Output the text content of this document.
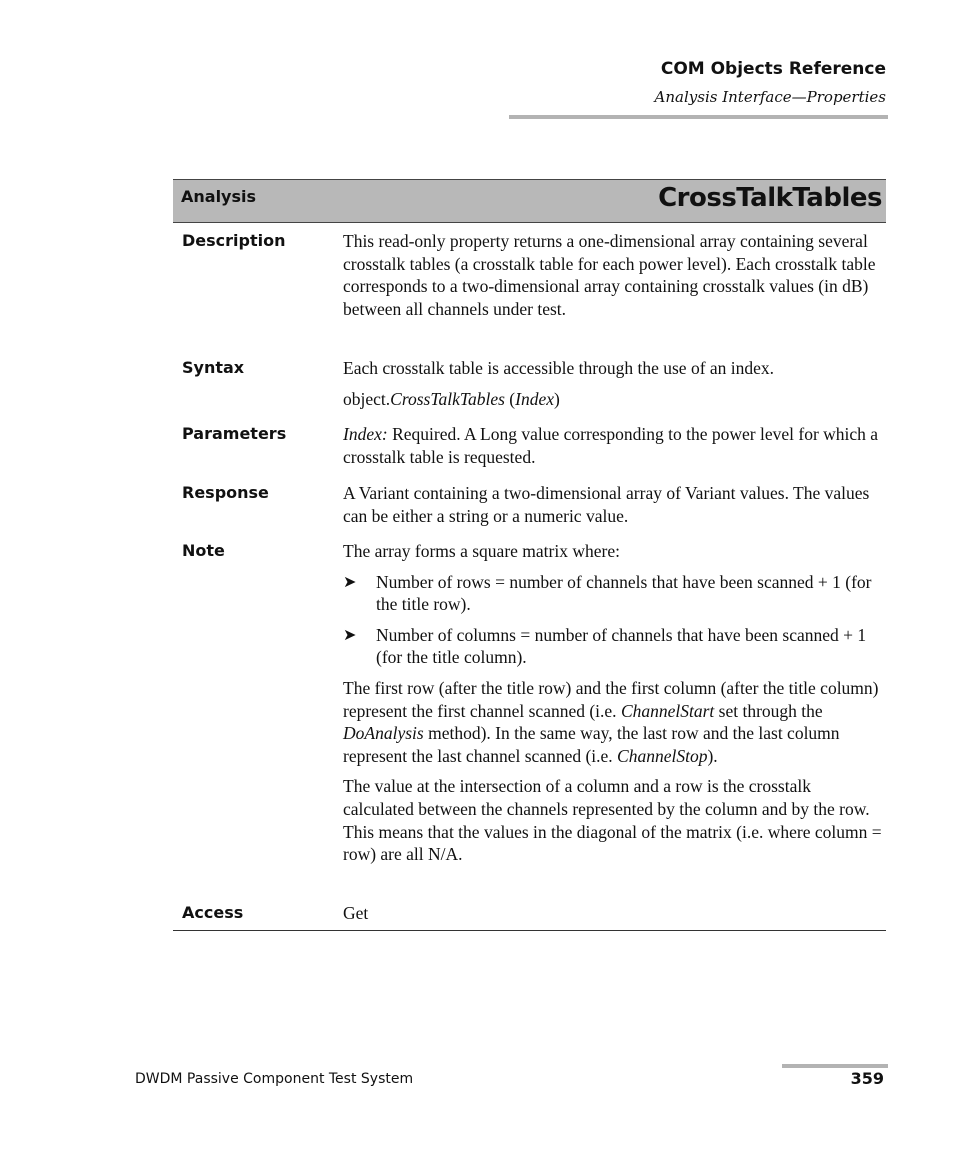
COM Objects Reference
Analysis Interface—Properties
Analysis	CrossTalkTables
Description	This read-only property returns a one-dimensional array containing several crosstalk tables (a crosstalk table for each power level). Each crosstalk table corresponds to a two-dimensional array containing crosstalk values (in dB) between all channels under test.

Syntax	Each crosstalk table is accessible through the use of an index.

object.CrossTalkTables (Index)

Parameters	Index: Required. A Long value corresponding to the power level for which a crosstalk table is requested.

Response	A Variant containing a two-dimensional array of Variant values. The values can be either a string or a numeric value.

Note	The array forms a square matrix where:

➤ Number of rows = number of channels that have been scanned + 1 (for the title row).
➤ Number of columns = number of channels that have been scanned + 1 (for the title column).

The first row (after the title row) and the first column (after the title column) represent the first channel scanned (i.e. ChannelStart set through the DoAnalysis method). In the same way, the last row and the last column represent the last channel scanned (i.e. ChannelStop).

The value at the intersection of a column and a row is the crosstalk calculated between the channels represented by the column and by the row. This means that the values in the diagonal of the matrix (i.e. where column = row) are all N/A.

Access	Get

DWDM Passive Component Test System	359
